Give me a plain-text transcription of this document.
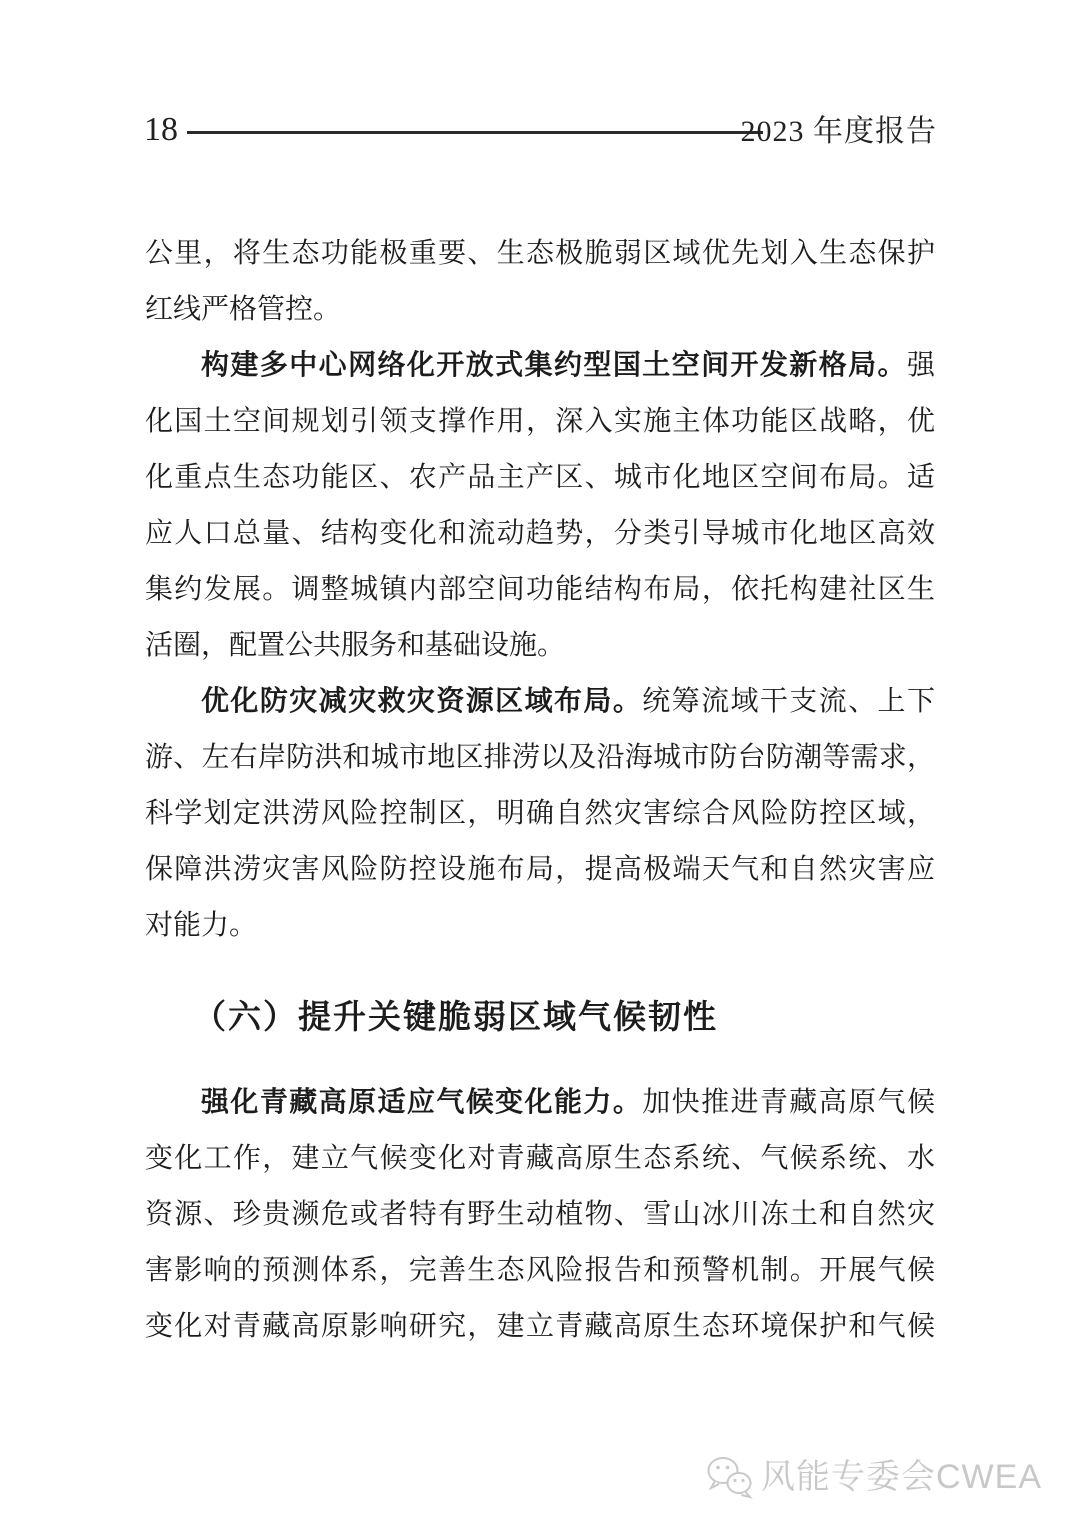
18	2023 年度报告
公里，将生态功能极重要、生态极脆弱区域优先划入生态保护
红线严格管控。
构建多中心网络化开放式集约型国土空间开发新格局。强
化国土空间规划引领支撑作用，深入实施主体功能区战略，优
化重点生态功能区、农产品主产区、城市化地区空间布局。适
应人口总量、结构变化和流动趋势，分类引导城市化地区高效
集约发展。调整城镇内部空间功能结构布局，依托构建社区生
活圈，配置公共服务和基础设施。
优化防灾减灾救灾资源区域布局。统筹流域干支流、上下
游、左右岸防洪和城市地区排涝以及沿海城市防台防潮等需求，
科学划定洪涝风险控制区，明确自然灾害综合风险防控区域，
保障洪涝灾害风险防控设施布局，提高极端天气和自然灾害应
对能力。
（六）提升关键脆弱区域气候韧性
强化青藏高原适应气候变化能力。加快推进青藏高原气候
变化工作，建立气候变化对青藏高原生态系统、气候系统、水
资源、珍贵濒危或者特有野生动植物、雪山冰川冻土和自然灾
害影响的预测体系，完善生态风险报告和预警机制。开展气候
变化对青藏高原影响研究，建立青藏高原生态环境保护和气候
风能专委会CWEA
